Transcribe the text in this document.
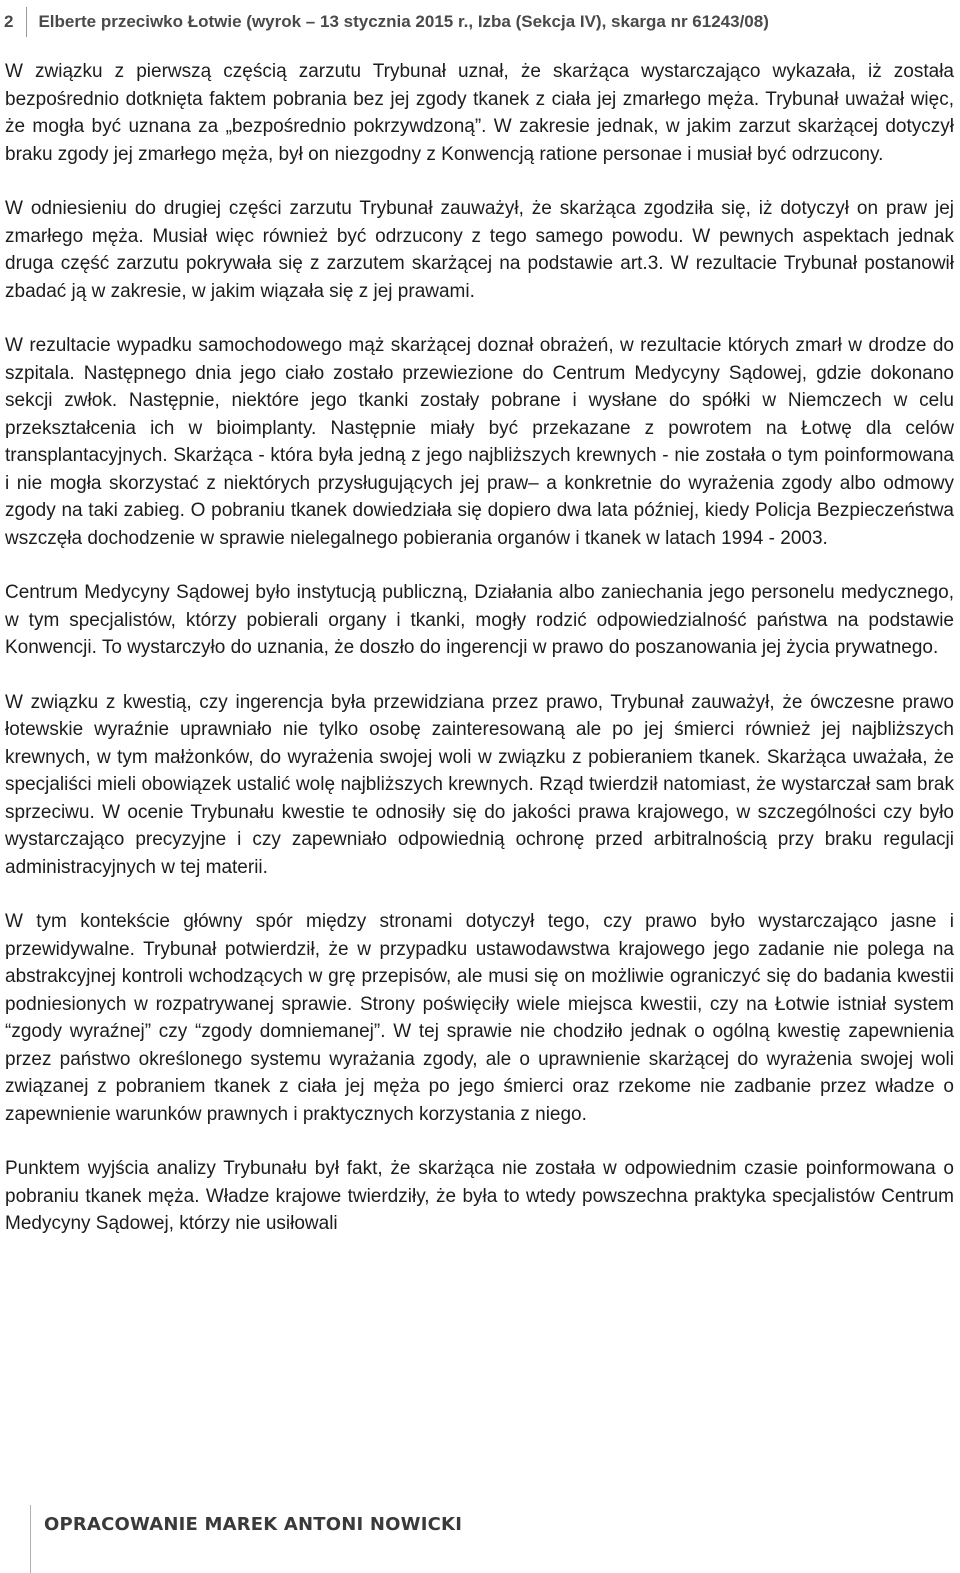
2	Elberte przeciwko Łotwie (wyrok – 13 stycznia 2015 r., Izba (Sekcja IV), skarga nr 61243/08)

W związku z pierwszą częścią zarzutu Trybunał uznał, że skarżąca wystarczająco wykazała, iż została bezpośrednio dotknięta faktem pobrania bez jej zgody tkanek z ciała jej zmarłego męża. Trybunał uważał więc, że mogła być uznana za „bezpośrednio pokrzywdzoną”. W zakresie jednak, w jakim zarzut skarżącej dotyczył braku zgody jej zmarłego męża, był on niezgodny z Konwencją ratione personae i musiał być odrzucony.

W odniesieniu do drugiej części zarzutu Trybunał zauważył, że skarżąca zgodziła się, iż dotyczył on praw jej zmarłego męża. Musiał więc również być odrzucony z tego samego powodu. W pewnych aspektach jednak druga część zarzutu pokrywała się z zarzutem skarżącej na podstawie art.3. W rezultacie Trybunał postanowił zbadać ją w zakresie, w jakim wiązała się z jej prawami.

W rezultacie wypadku samochodowego mąż skarżącej doznał obrażeń, w rezultacie których zmarł w drodze do szpitala. Następnego dnia jego ciało zostało przewiezione do Centrum Medycyny Sądowej, gdzie dokonano sekcji zwłok. Następnie, niektóre jego tkanki zostały pobrane i wysłane do spółki w Niemczech w celu przekształcenia ich w bioimplanty. Następnie miały być przekazane z powrotem na Łotwę dla celów transplantacyjnych. Skarżąca - która była jedną z jego najbliższych krewnych - nie została o tym poinformowana i nie mogła skorzystać z niektórych przysługujących jej praw– a konkretnie do wyrażenia zgody albo odmowy zgody na taki zabieg. O pobraniu tkanek dowiedziała się dopiero dwa lata później, kiedy Policja Bezpieczeństwa wszczęła dochodzenie w sprawie nielegalnego pobierania organów i tkanek w latach 1994 - 2003.

Centrum Medycyny Sądowej było instytucją publiczną, Działania albo zaniechania jego personelu medycznego, w tym specjalistów, którzy pobierali organy i tkanki, mogły rodzić odpowiedzialność państwa na podstawie Konwencji. To wystarczyło do uznania, że doszło do ingerencji w prawo do poszanowania jej życia prywatnego.

W związku z kwestią, czy ingerencja była przewidziana przez prawo, Trybunał zauważył, że ówczesne prawo łotewskie wyraźnie uprawniało nie tylko osobę zainteresowaną ale po jej śmierci również jej najbliższych krewnych, w tym małżonków, do wyrażenia swojej woli w związku z pobieraniem tkanek. Skarżąca uważała, że specjaliści mieli obowiązek ustalić wolę najbliższych krewnych. Rząd twierdził natomiast, że wystarczał sam brak sprzeciwu. W ocenie Trybunału kwestie te odnosiły się do jakości prawa krajowego, w szczególności czy było wystarczająco precyzyjne i czy zapewniało odpowiednią ochronę przed arbitralnością przy braku regulacji administracyjnych w tej materii.

W tym kontekście główny spór między stronami dotyczył tego, czy prawo było wystarczająco jasne i przewidywalne. Trybunał potwierdził, że w przypadku ustawodawstwa krajowego jego zadanie nie polega na abstrakcyjnej kontroli wchodzących w grę przepisów, ale musi się on możliwie ograniczyć się do badania kwestii podniesionych w rozpatrywanej sprawie. Strony poświęciły wiele miejsca kwestii, czy na Łotwie istniał system “zgody wyraźnej” czy “zgody domniemanej”. W tej sprawie nie chodziło jednak o ogólną kwestię zapewnienia przez państwo określonego systemu wyrażania zgody, ale o uprawnienie skarżącej do wyrażenia swojej woli związanej z pobraniem tkanek z ciała jej męża po jego śmierci oraz rzekome nie zadbanie przez władze o zapewnienie warunków prawnych i praktycznych korzystania z niego.

Punktem wyjścia analizy Trybunału był fakt, że skarżąca nie została w odpowiednim czasie poinformowana o pobraniu tkanek męża. Władze krajowe twierdziły, że była to wtedy powszechna praktyka specjalistów Centrum Medycyny Sądowej, którzy nie usiłowali

OPRACOWANIE MAREK ANTONI NOWICKI
